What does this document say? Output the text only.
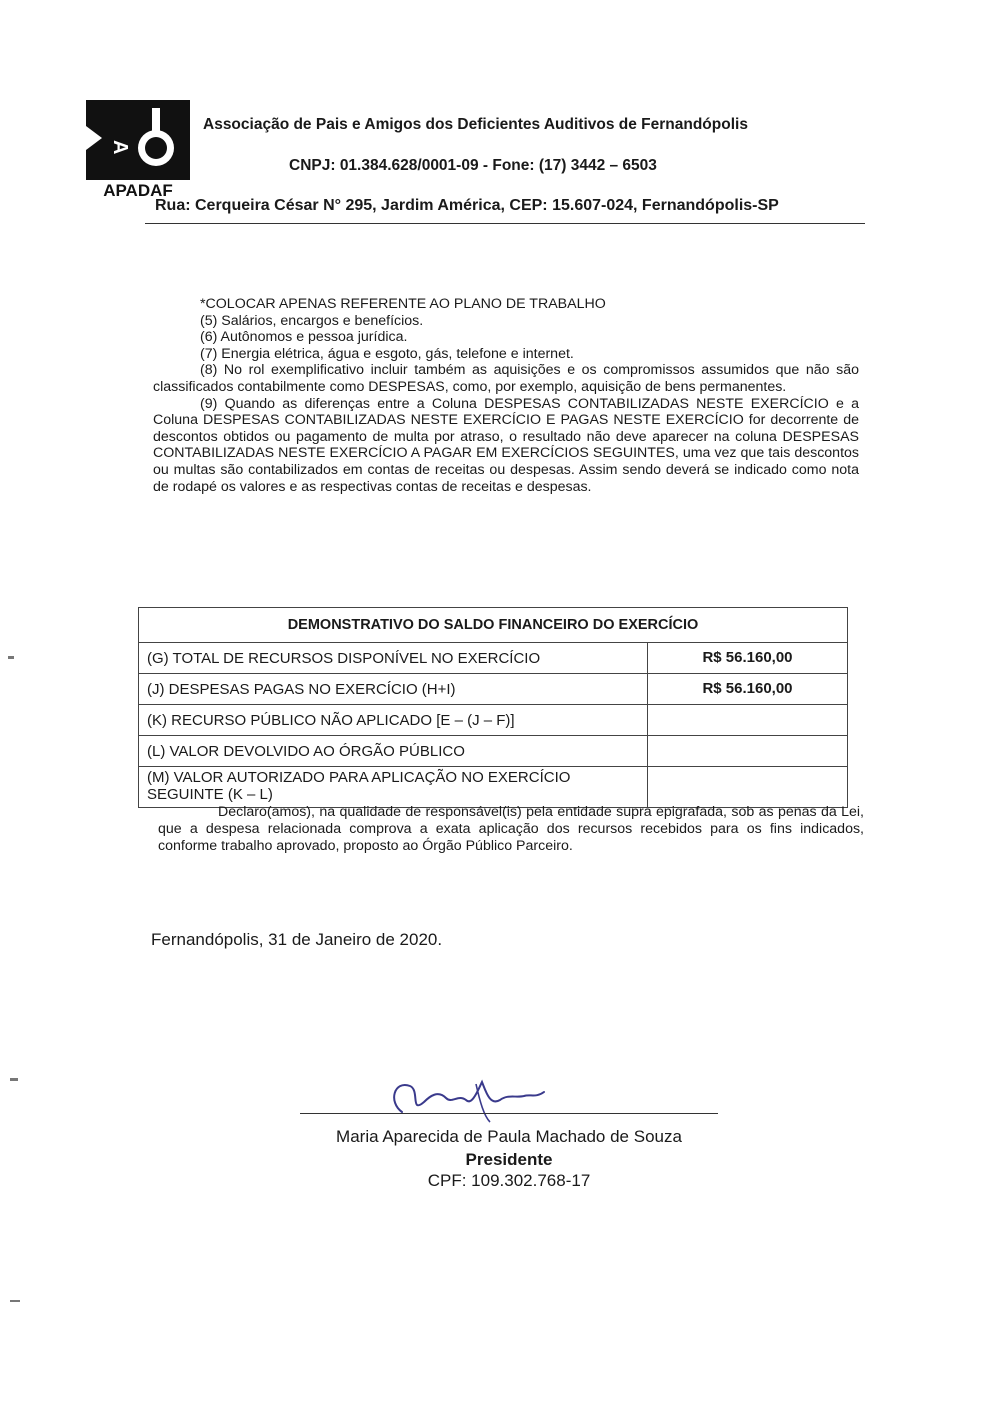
A
APADAF
Associação de Pais e Amigos dos Deficientes Auditivos de Fernandópolis
CNPJ: 01.384.628/0001-09 - Fone: (17) 3442 – 6503
Rua: Cerqueira César N° 295, Jardim América, CEP: 15.607-024, Fernandópolis-SP

*COLOCAR APENAS REFERENTE AO PLANO DE TRABALHO

(5) Salários, encargos e benefícios.

(6) Autônomos e pessoa jurídica.

(7) Energia elétrica, água e esgoto, gás, telefone e internet.

(8) No rol exemplificativo incluir também as aquisições e os compromissos assumidos que não são classificados contabilmente como DESPESAS, como, por exemplo, aquisição de bens permanentes.

(9) Quando as diferenças entre a Coluna DESPESAS CONTABILIZADAS NESTE EXERCÍCIO e a Coluna DESPESAS CONTABILIZADAS NESTE EXERCÍCIO E PAGAS NESTE EXERCÍCIO for decorrente de descontos obtidos ou pagamento de multa por atraso, o resultado não deve aparecer na coluna DESPESAS CONTABILIZADAS NESTE EXERCÍCIO A PAGAR EM EXERCÍCIOS SEGUINTES, uma vez que tais descontos ou multas são contabilizados em contas de receitas ou despesas. Assim sendo deverá se indicado como nota de rodapé os valores e as respectivas contas de receitas e despesas.

DEMONSTRATIVO DO SALDO FINANCEIRO DO EXERCÍCIO	
(G) TOTAL DE RECURSOS DISPONÍVEL NO EXERCÍCIO	R$ 56.160,00
(J) DESPESAS PAGAS NO EXERCÍCIO (H+I)	R$ 56.160,00
(K) RECURSO PÚBLICO NÃO APLICADO [E – (J – F)]	
(L) VALOR DEVOLVIDO AO ÓRGÃO PÚBLICO	
(M) VALOR AUTORIZADO PARA APLICAÇÃO NO EXERCÍCIO SEGUINTE (K – L)	

Declaro(amos), na qualidade de responsável(is) pela entidade supra epigrafada, sob as penas da Lei, que a despesa relacionada comprova a exata aplicação dos recursos recebidos para os fins indicados, conforme trabalho aprovado, proposto ao Órgão Público Parceiro.

Fernandópolis, 31 de Janeiro de 2020.
Maria Aparecida de Paula Machado de Souza
Presidente
CPF: 109.302.768-17
